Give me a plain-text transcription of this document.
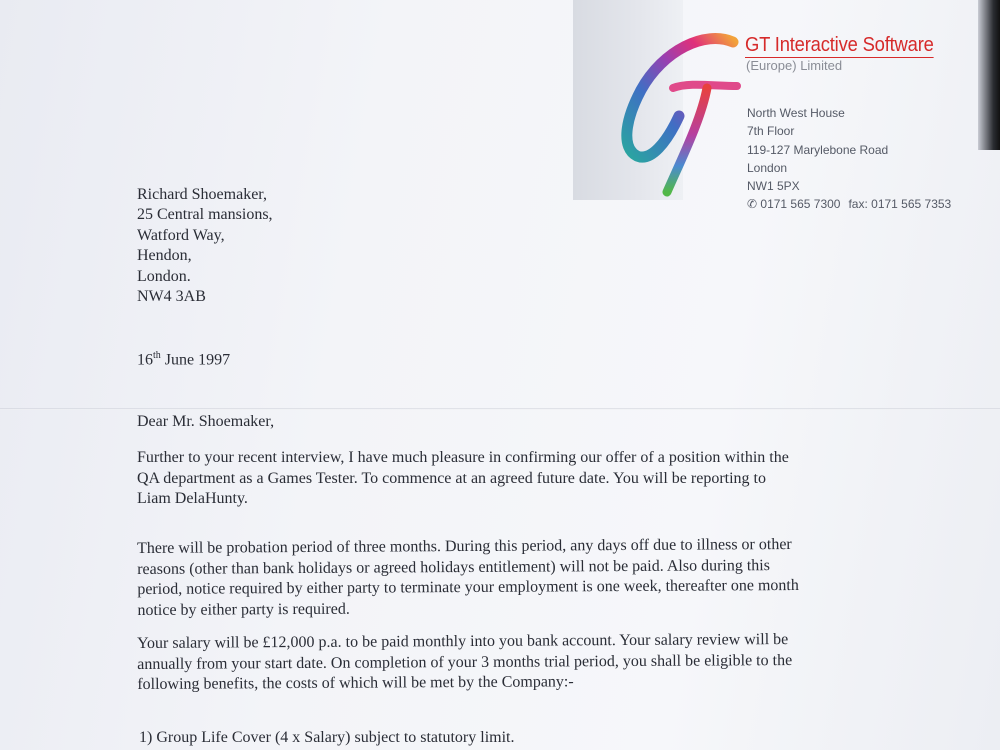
GT Interactive Software
(Europe) Limited
North West House
7th Floor
119-127 Marylebone Road
London
NW1 5PX
✆ 0171 565 7300 fax: 0171 565 7353
Richard Shoemaker,
25 Central mansions,
Watford Way,
Hendon,
London.
NW4 3AB
16th June 1997
Dear Mr. Shoemaker,
Further to your recent interview, I have much pleasure in confirming our offer of a position within the
QA department as a Games Tester. To commence at an agreed future date. You will be reporting to
Liam DelaHunty.
There will be probation period of three months. During this period, any days off due to illness or other
reasons (other than bank holidays or agreed holidays entitlement) will not be paid. Also during this
period, notice required by either party to terminate your employment is one week, thereafter one month
notice by either party is required.
Your salary will be £12,000 p.a. to be paid monthly into you bank account. Your salary review will be
annually from your start date. On completion of your 3 months trial period, you shall be eligible to the
following benefits, the costs of which will be met by the Company:-
1) Group Life Cover (4 x Salary) subject to statutory limit.
